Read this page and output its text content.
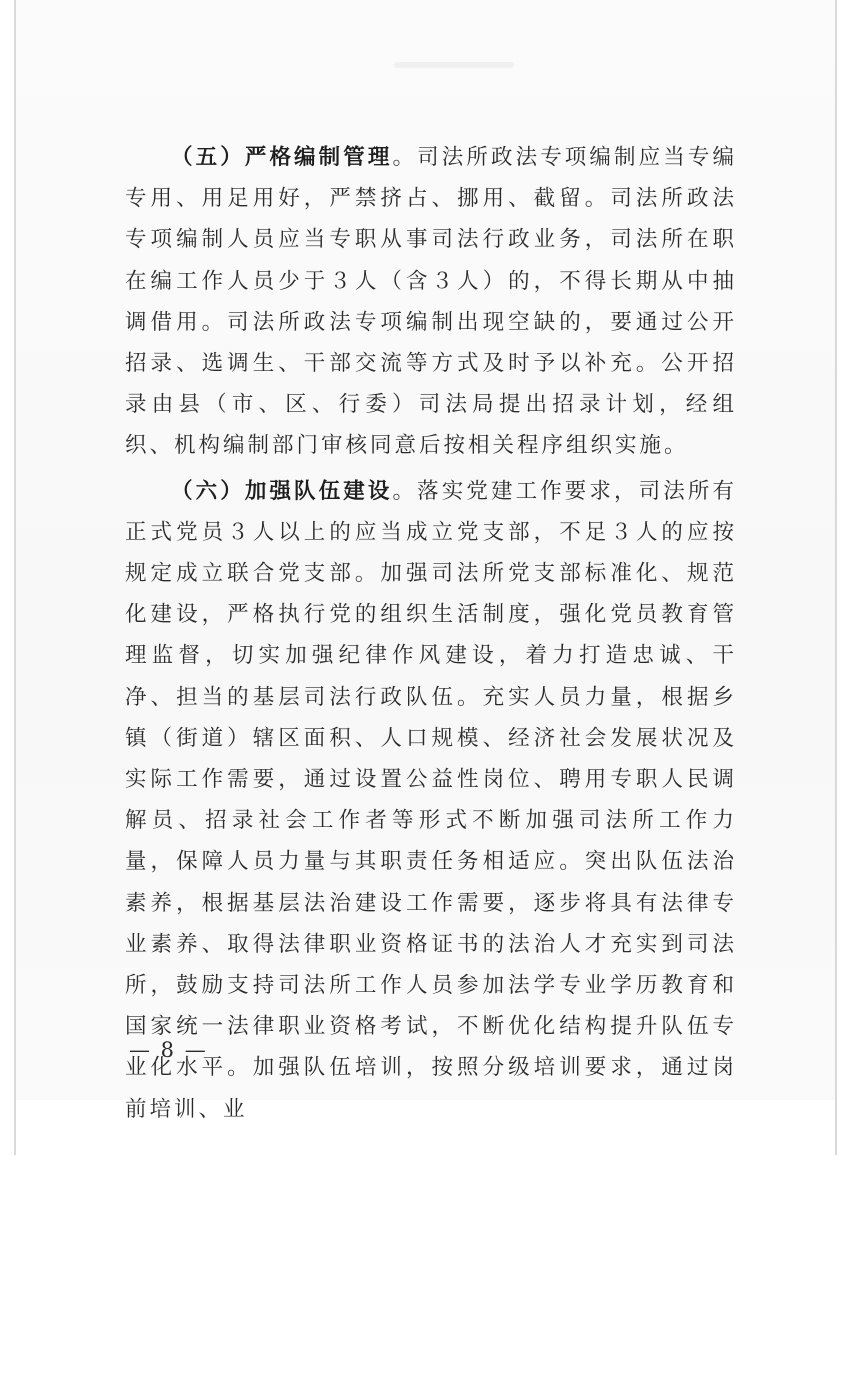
（五）严格编制管理。司法所政法专项编制应当专编专用、用足用好，严禁挤占、挪用、截留。司法所政法专项编制人员应当专职从事司法行政业务，司法所在职在编工作人员少于３人（含３人）的，不得长期从中抽调借用。司法所政法专项编制出现空缺的，要通过公开招录、选调生、干部交流等方式及时予以补充。公开招录由县（市、区、行委）司法局提出招录计划，经组织、机构编制部门审核同意后按相关程序组织实施。

（六）加强队伍建设。落实党建工作要求，司法所有正式党员３人以上的应当成立党支部，不足３人的应按规定成立联合党支部。加强司法所党支部标准化、规范化建设，严格执行党的组织生活制度，强化党员教育管理监督，切实加强纪律作风建设，着力打造忠诚、干净、担当的基层司法行政队伍。充实人员力量，根据乡镇（街道）辖区面积、人口规模、经济社会发展状况及实际工作需要，通过设置公益性岗位、聘用专职人民调解员、招录社会工作者等形式不断加强司法所工作力量，保障人员力量与其职责任务相适应。突出队伍法治素养，根据基层法治建设工作需要，逐步将具有法律专业素养、取得法律职业资格证书的法治人才充实到司法所，鼓励支持司法所工作人员参加法学专业学历教育和国家统一法律职业资格考试，不断优化结构提升队伍专业化水平。加强队伍培训，按照分级培训要求，通过岗前培训、业

— 8 —
